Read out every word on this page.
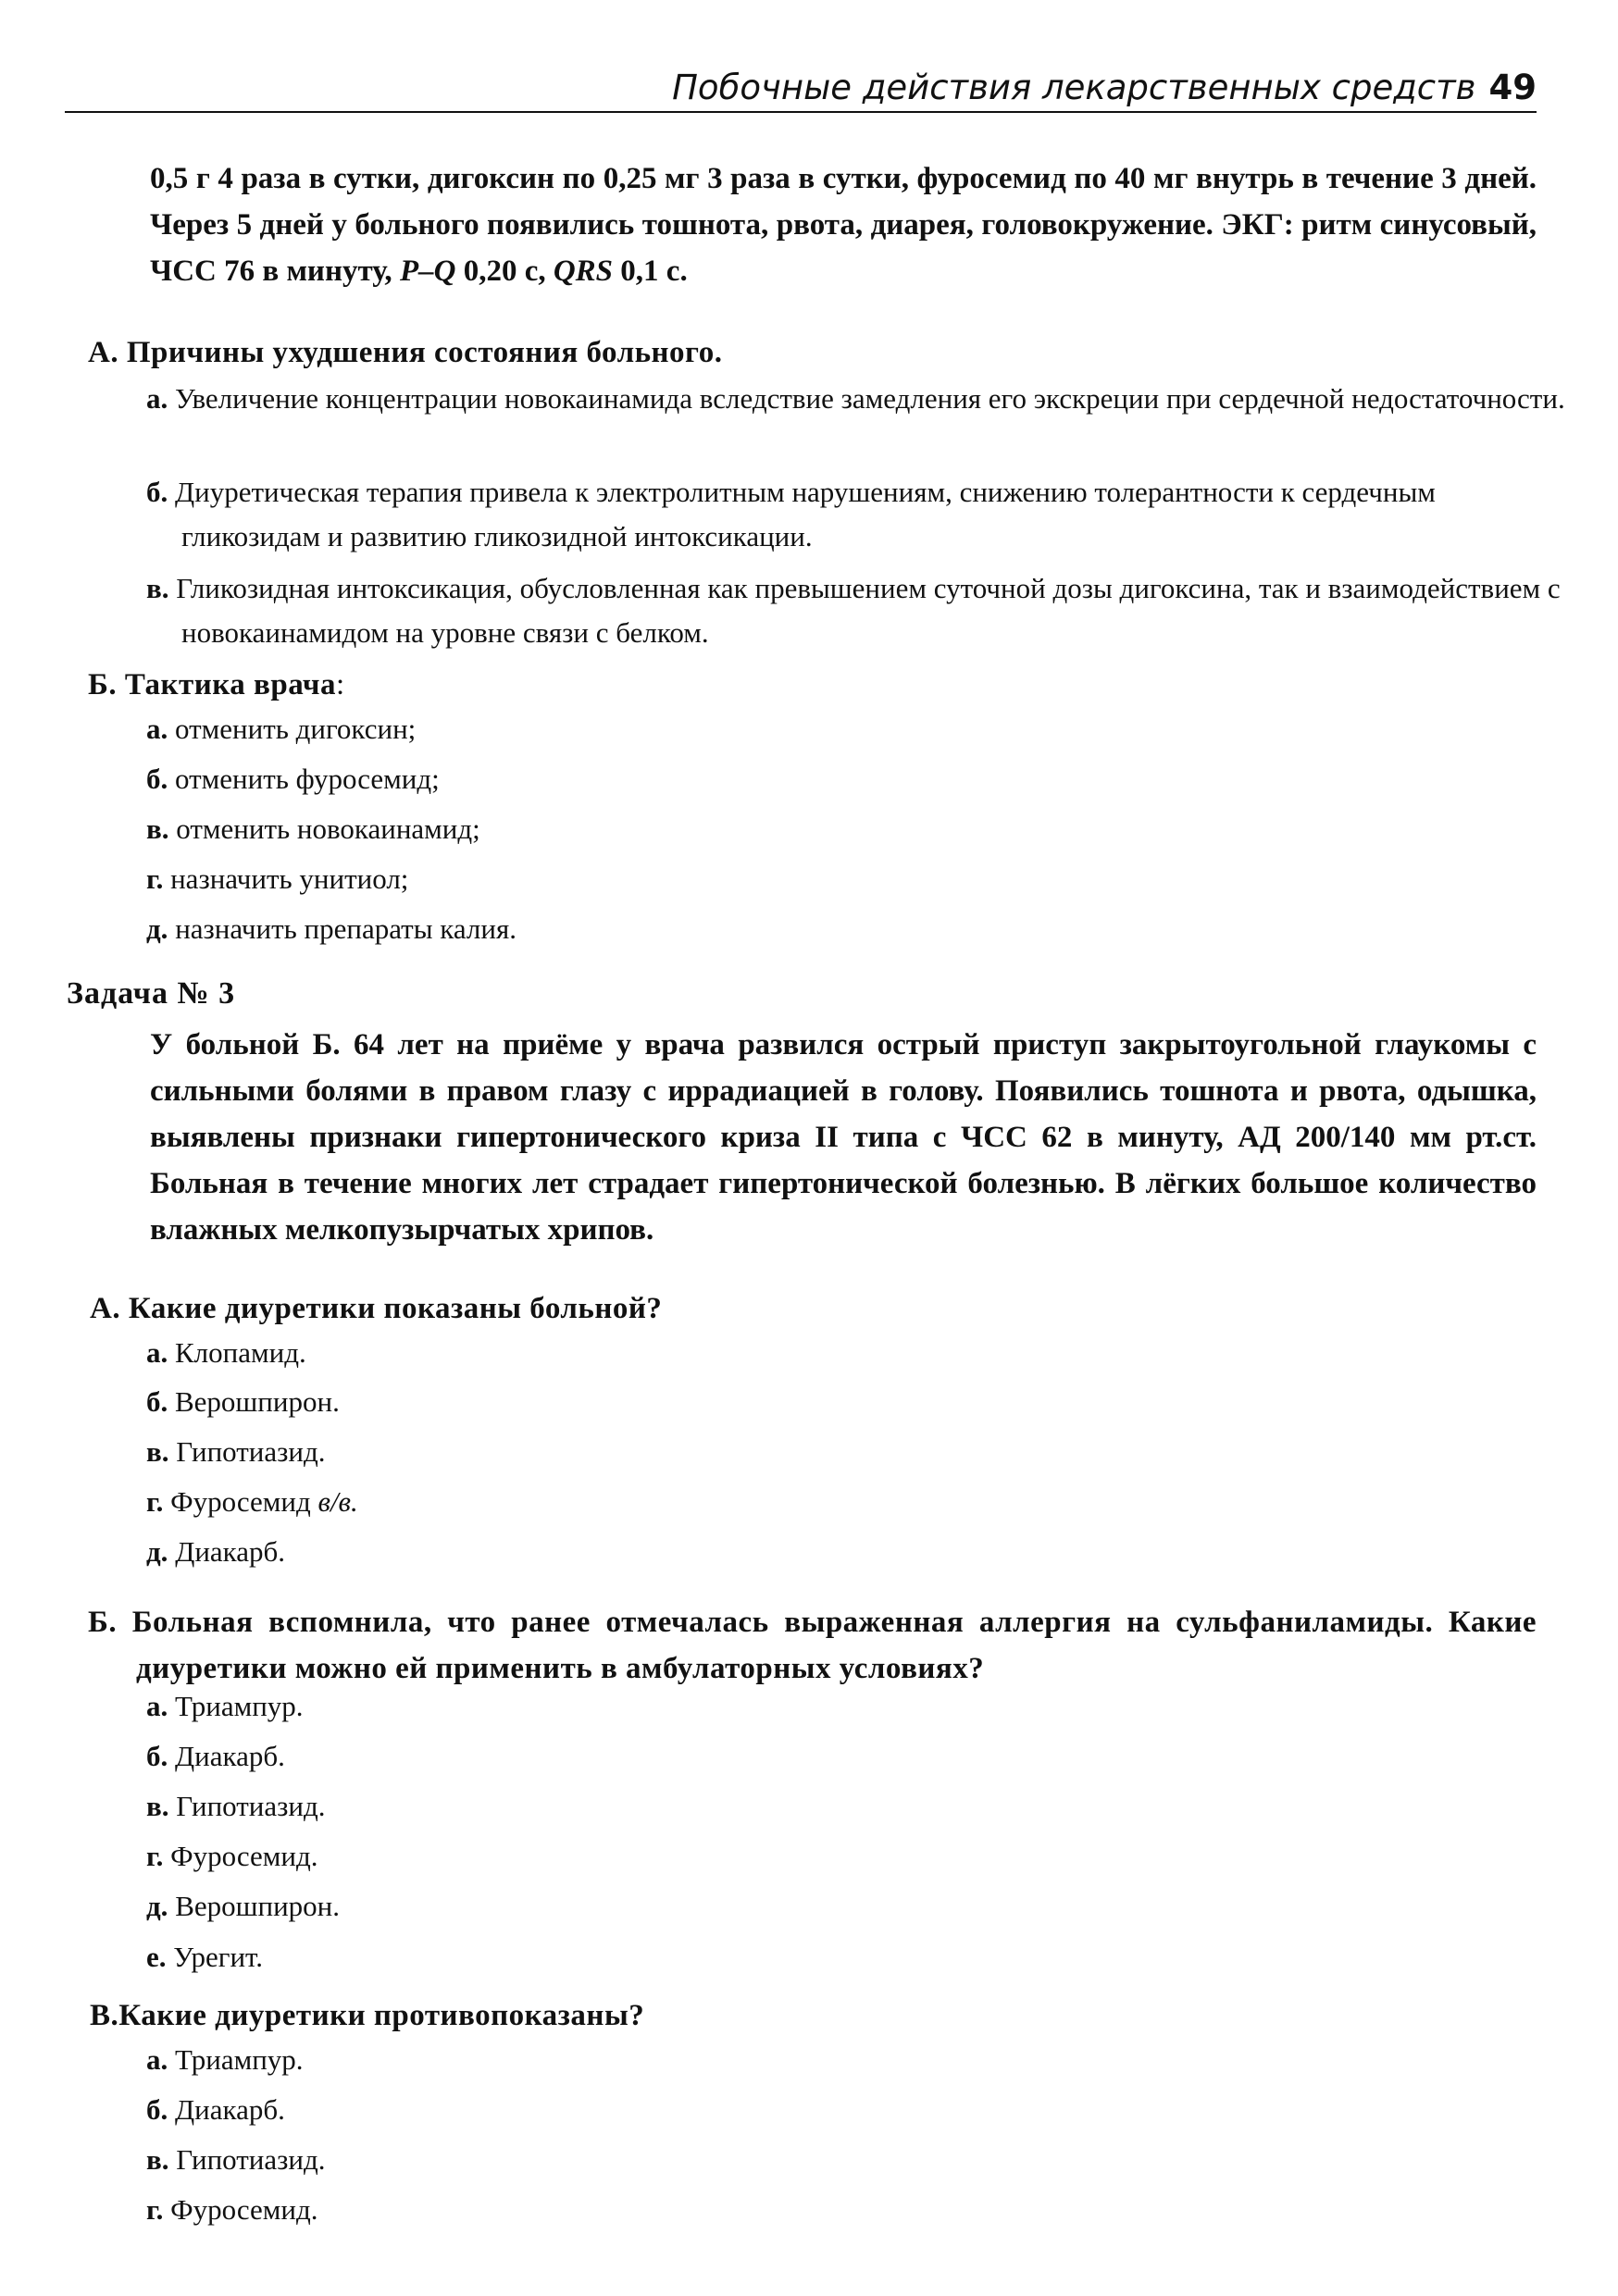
Побочные действия лекарственных средств 49
0,5 г 4 раза в сутки, дигоксин по 0,25 мг 3 раза в сутки, фуросемид по 40 мг внутрь в течение 3 дней. Через 5 дней у больного появились тошнота, рвота, диарея, головокружение. ЭКГ: ритм синусовый, ЧСС 76 в минуту, P–Q 0,20 с, QRS 0,1 с.
А. Причины ухудшения состояния больного.
а. Увеличение концентрации новокаинамида вследствие замедления его экскреции при сердечной недостаточности.
б. Диуретическая терапия привела к электролитным нарушениям, снижению толерантности к сердечным гликозидам и развитию гликозидной интоксикации.
в. Гликозидная интоксикация, обусловленная как превышением суточной дозы дигоксина, так и взаимодействием с новокаинамидом на уровне связи с белком.
Б. Тактика врача:
а. отменить дигоксин;
б. отменить фуросемид;
в. отменить новокаинамид;
г. назначить унитиол;
д. назначить препараты калия.
Задача № 3
У больной Б. 64 лет на приёме у врача развился острый приступ закрытоугольной глаукомы с сильными болями в правом глазу с иррадиацией в голову. Появились тошнота и рвота, одышка, выявлены признаки гипертонического криза II типа с ЧСС 62 в минуту, АД 200/140 мм рт.ст. Больная в течение многих лет страдает гипертонической болезнью. В лёгких большое количество влажных мелкопузырчатых хрипов.
А. Какие диуретики показаны больной?
а. Клопамид.
б. Верошпирон.
в. Гипотиазид.
г. Фуросемид в/в.
д. Диакарб.
Б. Больная вспомнила, что ранее отмечалась выраженная аллергия на сульфаниламиды. Какие диуретики можно ей применить в амбулаторных условиях?
а. Триампур.
б. Диакарб.
в. Гипотиазид.
г. Фуросемид.
д. Верошпирон.
е. Урегит.
В.Какие диуретики противопоказаны?
а. Триампур.
б. Диакарб.
в. Гипотиазид.
г. Фуросемид.
